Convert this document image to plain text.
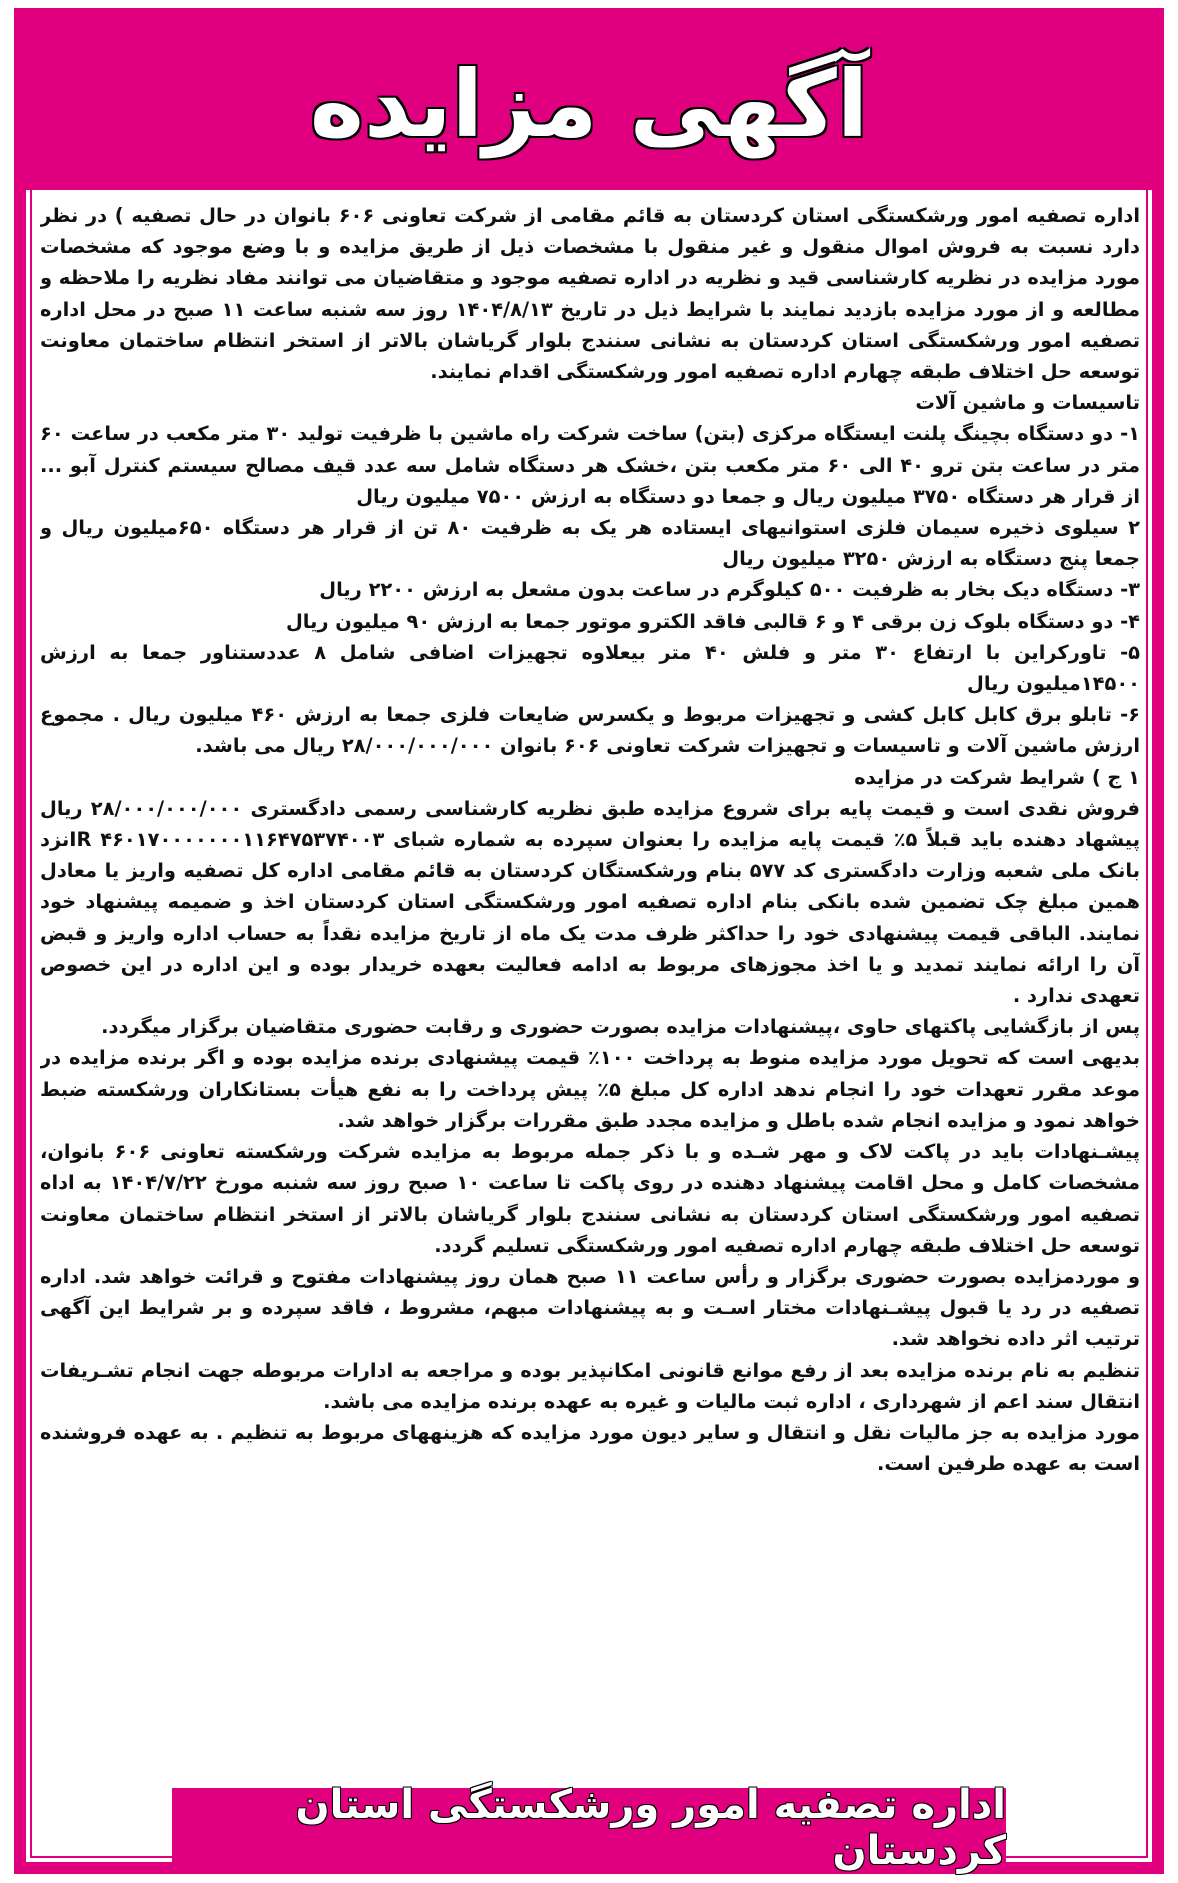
آگهی مزایده

اداره تصفیه امور ورشکستگی استان کردستان به قائم مقامی از شرکت تعاونی ۶۰۶ بانوان در حال تصفیه ) در نظر دارد نسبت به فروش اموال منقول و غیر منقول با مشخصات ذیل از طریق مزایده و با وضع موجود که مشخصات مورد مزایده در نظریه کارشناسی قید و نظریه در اداره تصفیه موجود و متقاضیان می توانند مفاد نظریه را ملاحظه و مطالعه و از مورد مزایده بازدید نمایند با شرایط ذیل در تاریخ ۱۴۰۴/۸/۱۳ روز سه شنبه ساعت ۱۱ صبح در محل اداره تصفیه امور ورشکستگی استان کردستان به نشانی سنندج بلوار گریاشان بالاتر از استخر انتظام ساختمان معاونت توسعه حل اختلاف طبقه چهارم اداره تصفیه امور ورشکستگی اقدام نمایند.

تاسیسات و ماشین آلات

۱- دو دستگاه بچینگ پلنت ایستگاه مرکزی (بتن) ساخت شرکت راه ماشین با ظرفیت تولید ۳۰ متر مکعب در ساعت ۶۰ متر در ساعت بتن ترو ۴۰ الی ۶۰ متر مکعب بتن ،خشک هر دستگاه شامل سه عدد قیف مصالح سیستم کنترل آبو ... از قرار هر دستگاه ۳۷۵۰ میلیون ریال و جمعا دو دستگاه به ارزش ۷۵۰۰ میلیون ریال

۲ سیلوی ذخیره سیمان فلزی استوانیهای ایستاده هر یک به ظرفیت ۸۰ تن از قرار هر دستگاه ۶۵۰میلیون ریال و جمعا پنج دستگاه به ارزش ۳۲۵۰ میلیون ریال

۳- دستگاه دیک بخار به ظرفیت ۵۰۰ کیلوگرم در ساعت بدون مشعل به ارزش ۲۲۰۰ ریال

۴- دو دستگاه بلوک زن برقی ۴ و ۶ قالبی فاقد الکترو موتور جمعا به ارزش ۹۰ میلیون ریال

۵- تاورکراین با ارتفاع ۳۰ متر و فلش ۴۰ متر بیعلاوه تجهیزات اضافی شامل ۸ عددستناور جمعا به ارزش ۱۴۵۰۰میلیون ریال

۶- تابلو برق کابل کابل کشی و تجهیزات مربوط و یکسرس ضایعات فلزی جمعا به ارزش ۴۶۰ میلیون ریال . مجموع ارزش ماشین آلات و تاسیسات و تجهیزات شرکت تعاونی ۶۰۶ بانوان ۲۸/۰۰۰/۰۰۰/۰۰۰ ریال می باشد.

۱ ج ) شرایط شرکت در مزایده

فروش نقدی است و قیمت پایه برای شروع مزایده طبق نظریه کارشناسی رسمی دادگستری ۲۸/۰۰۰/۰۰۰/۰۰۰ ریال پیشهاد دهنده باید قبلاً ۵٪ قیمت پایه مزایده را بعنوان سپرده به شماره شبای IR ۴۶۰۱۷۰۰۰۰۰۰۰۱۱۶۴۷۵۳۷۴۰۰۳نزد بانک ملی شعبه وزارت دادگستری کد ۵۷۷ بنام ورشکستگان کردستان به قائم مقامی اداره کل تصفیه واریز یا معادل همین مبلغ چک تضمین شده بانکی بنام اداره تصفیه امور ورشکستگی استان کردستان اخذ و ضمیمه پیشنهاد خود نمایند. الباقی قیمت پیشنهادی خود را حداکثر ظرف مدت یک ماه از تاریخ مزایده نقداً به حساب اداره واریز و قبض آن را ارائه نمایند تمدید و یا اخذ مجوزهای مربوط به ادامه فعالیت بعهده خریدار بوده و این اداره در این خصوص تعهدی ندارد .

پس از بازگشایی پاکتهای حاوی ،پیشنهادات مزایده بصورت حضوری و رقابت حضوری متقاضیان برگزار میگردد.

بدیهی است که تحویل مورد مزایده منوط به پرداخت ۱۰۰٪ قیمت پیشنهادی برنده مزایده بوده و اگر برنده مزایده در موعد مقرر تعهدات خود را انجام ندهد اداره کل مبلغ ۵٪ پیش پرداخت را به نفع هیأت بستانکاران ورشکسته ضبط خواهد نمود و مزایده انجام شده باطل و مزایده مجدد طبق مقررات برگزار خواهد شد.

پیشـنهادات باید در پاکت لاک و مهر شـده و با ذکر جمله مربوط به مزایده شرکت ورشکسته تعاونی ۶۰۶ بانوان، مشخصات کامل و محل اقامت پیشنهاد دهنده در روی پاکت تا ساعت ۱۰ صبح روز سه شنبه مورخ ۱۴۰۴/۷/۲۲ به اداه تصفیه امور ورشکستگی استان کردستان به نشانی سنندج بلوار گریاشان بالاتر از استخر انتظام ساختمان معاونت توسعه حل اختلاف طبقه چهارم اداره تصفیه امور ورشکستگی تسلیم گردد.

و موردمزایده بصورت حضوری برگزار و رأس ساعت ۱۱ صبح همان روز پیشنهادات مفتوح و قرائت خواهد شد. اداره تصفیه در رد یا قبول پیشـنهادات مختار اسـت و به پیشنهادات مبهم، مشروط ، فاقد سپرده و بر شرایط این آگهی ترتیب اثر داده نخواهد شد.

تنظیم به نام برنده مزایده بعد از رفع موانع قانونی امکانپذیر بوده و مراجعه به ادارات مربوطه جهت انجام تشـریفات انتقال سند اعم از شهرداری ، اداره ثبت مالیات و غیره به عهده برنده مزایده می باشد.

مورد مزایده به جز مالیات نقل و انتقال و سایر دیون مورد مزایده که هزینههای مربوط به تنظیم . به عهده فروشنده است به عهده طرفین است.

اداره تصفیه امور ورشکستگی استان کردستان
